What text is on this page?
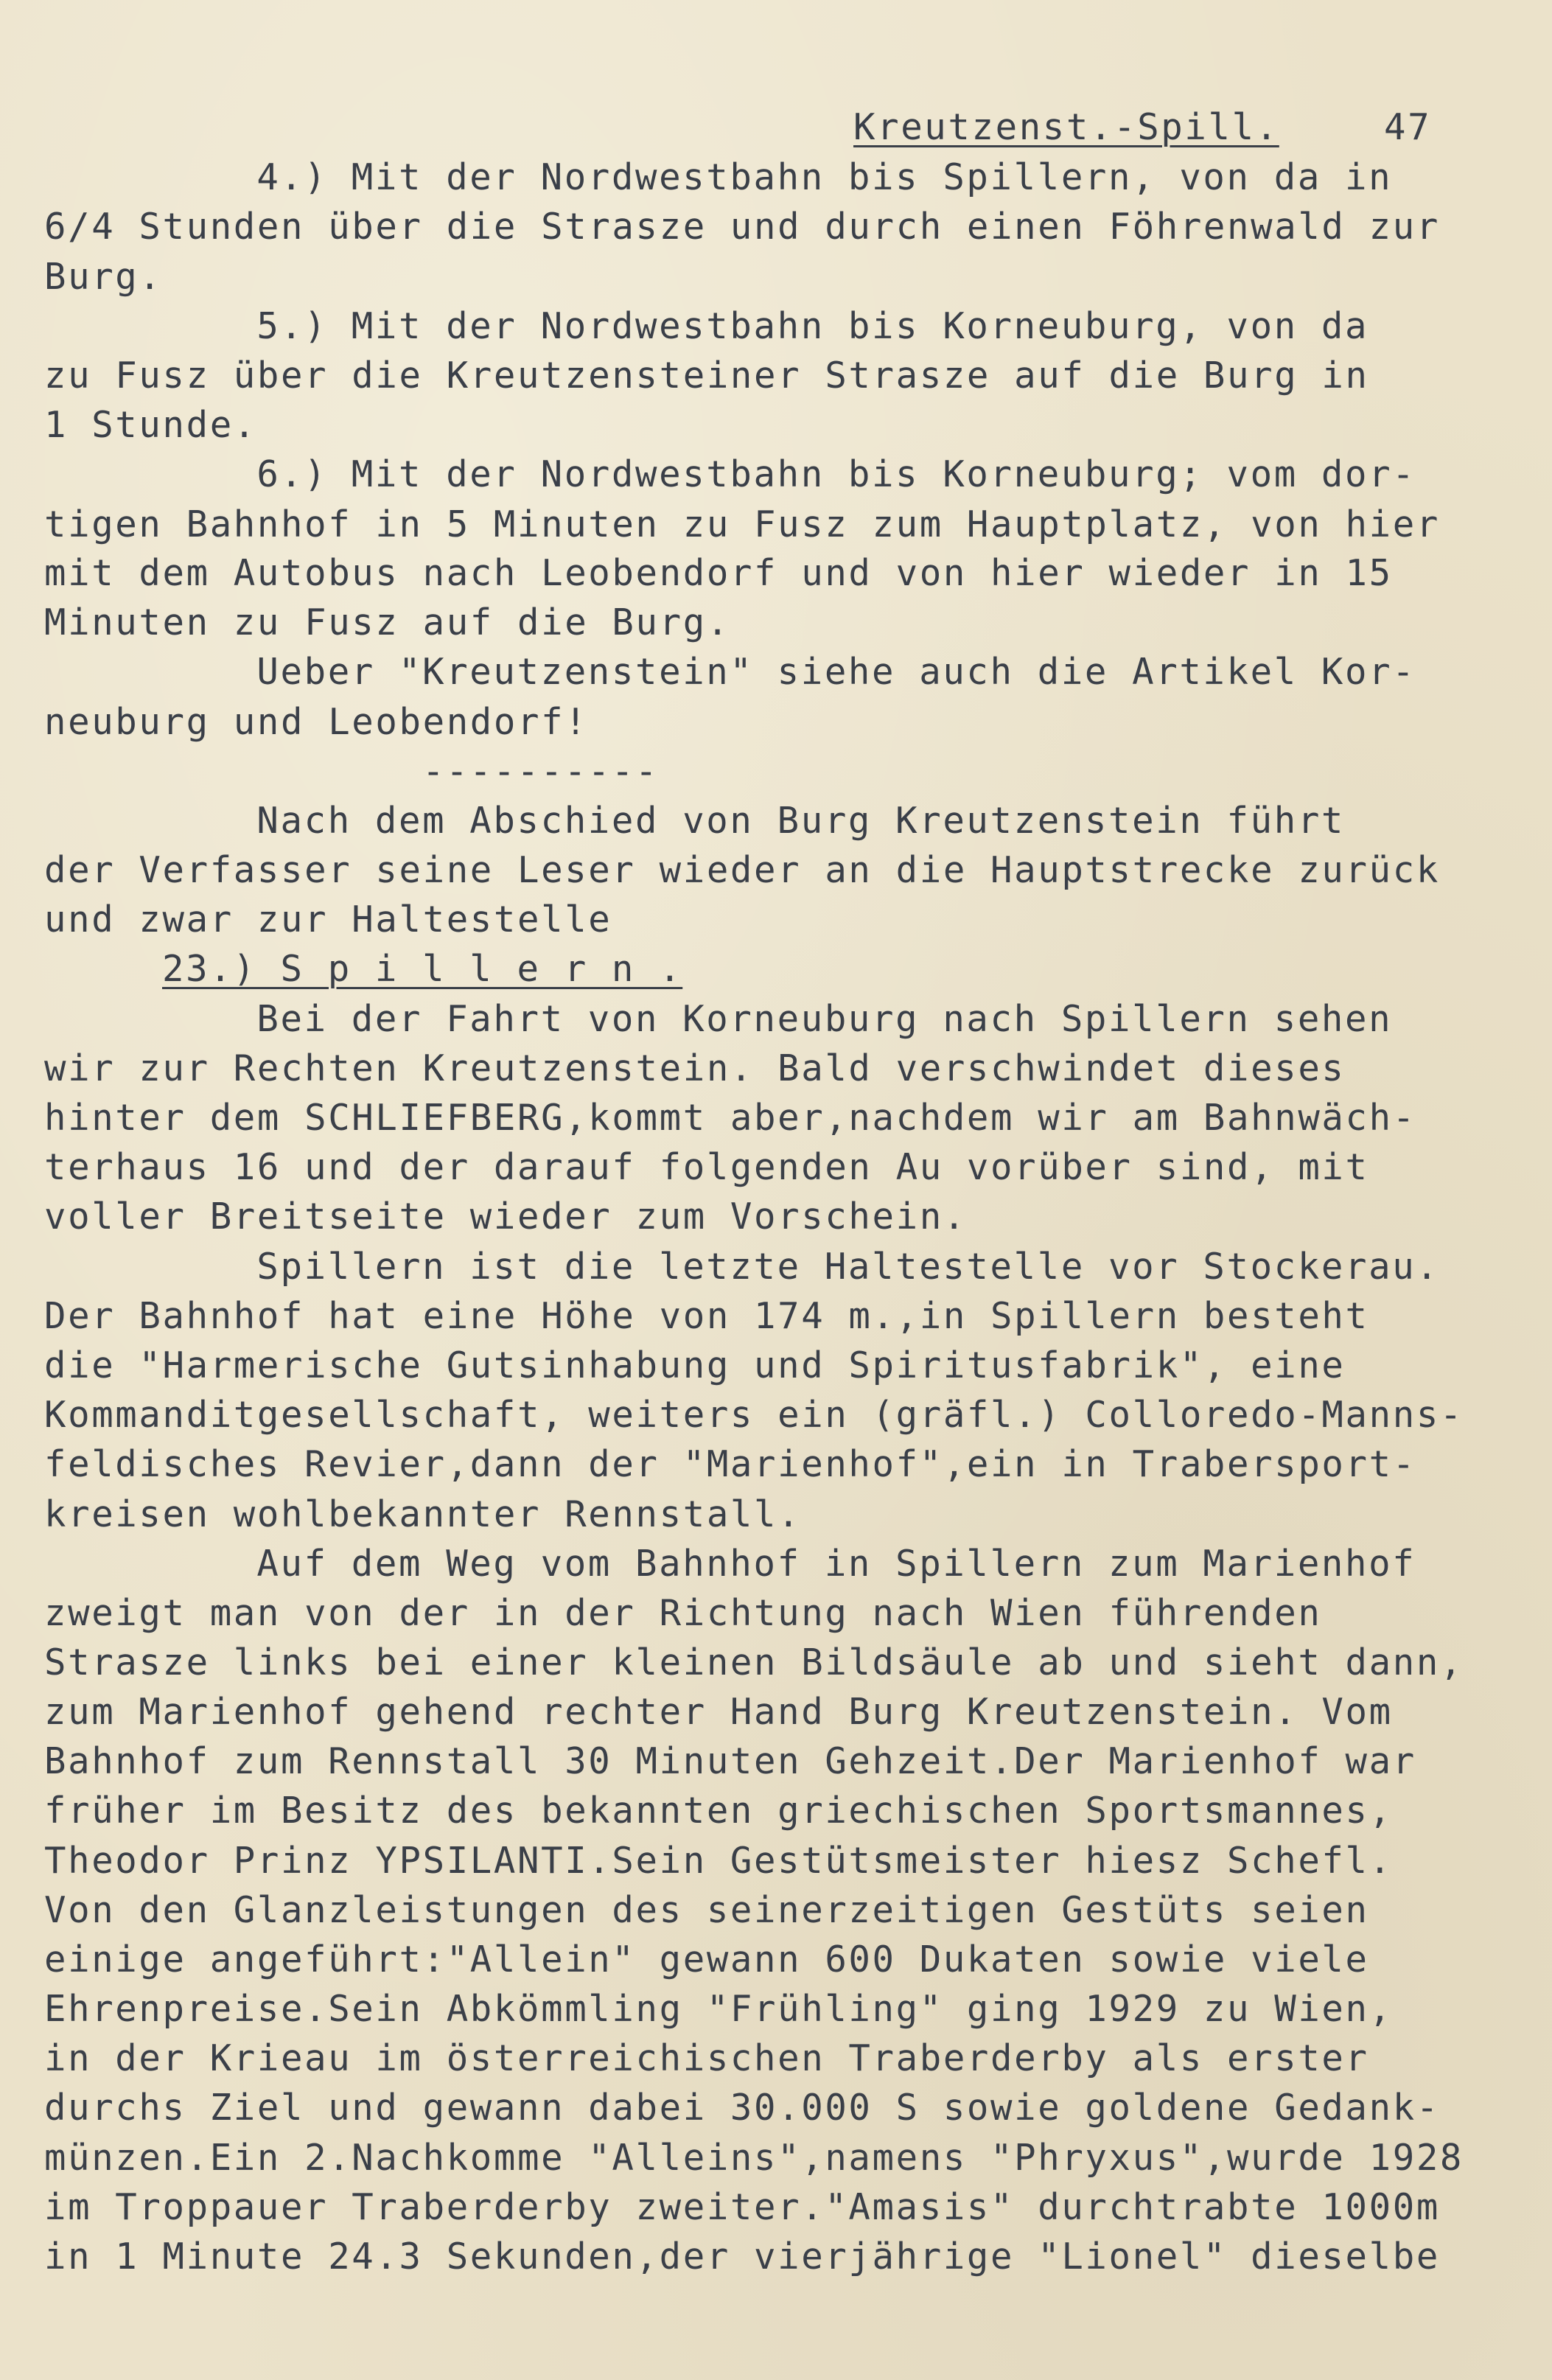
Kreutzenst.-Spill.	47
4.) Mit der Nordwestbahn bis Spillern, von da in
6/4 Stunden über die Strasze und durch einen Föhrenwald zur
Burg.
5.) Mit der Nordwestbahn bis Korneuburg, von da
zu Fusz über die Kreutzensteiner Strasze auf die Burg in
1 Stunde.
6.) Mit der Nordwestbahn bis Korneuburg; vom dor-
tigen Bahnhof in 5 Minuten zu Fusz zum Hauptplatz, von hier
mit dem Autobus nach Leobendorf und von hier wieder in 15
Minuten zu Fusz auf die Burg.
Ueber "Kreutzenstein" siehe auch die Artikel Kor-
neuburg und Leobendorf!
----------
Nach dem Abschied von Burg Kreutzenstein führt
der Verfasser seine Leser wieder an die Hauptstrecke zurück
und zwar zur Haltestelle
23.) S p i l l e r n .
Bei der Fahrt von Korneuburg nach Spillern sehen
wir zur Rechten Kreutzenstein. Bald verschwindet dieses
hinter dem SCHLIEFBERG,kommt aber,nachdem wir am Bahnwäch-
terhaus 16 und der darauf folgenden Au vorüber sind, mit
voller Breitseite wieder zum Vorschein.
Spillern ist die letzte Haltestelle vor Stockerau.
Der Bahnhof hat eine Höhe von 174 m.,in Spillern besteht
die "Harmerische Gutsinhabung und Spiritusfabrik", eine
Kommanditgesellschaft, weiters ein (gräfl.) Colloredo-Manns-
feldisches Revier,dann der "Marienhof",ein in Trabersport-
kreisen wohlbekannter Rennstall.
Auf dem Weg vom Bahnhof in Spillern zum Marienhof
zweigt man von der in der Richtung nach Wien führenden
Strasze links bei einer kleinen Bildsäule ab und sieht dann,
zum Marienhof gehend rechter Hand Burg Kreutzenstein. Vom
Bahnhof zum Rennstall 30 Minuten Gehzeit.Der Marienhof war
früher im Besitz des bekannten griechischen Sportsmannes,
Theodor Prinz YPSILANTI.Sein Gestütsmeister hiesz Schefl.
Von den Glanzleistungen des seinerzeitigen Gestüts seien
einige angeführt:"Allein" gewann 600 Dukaten sowie viele
Ehrenpreise.Sein Abkömmling "Frühling" ging 1929 zu Wien,
in der Krieau im österreichischen Traberderby als erster
durchs Ziel und gewann dabei 30.000 S sowie goldene Gedank-
münzen.Ein 2.Nachkomme "Alleins",namens "Phryxus",wurde 1928
im Troppauer Traberderby zweiter."Amasis" durchtrabte 1000m
in 1 Minute 24.3 Sekunden,der vierjährige "Lionel" dieselbe
